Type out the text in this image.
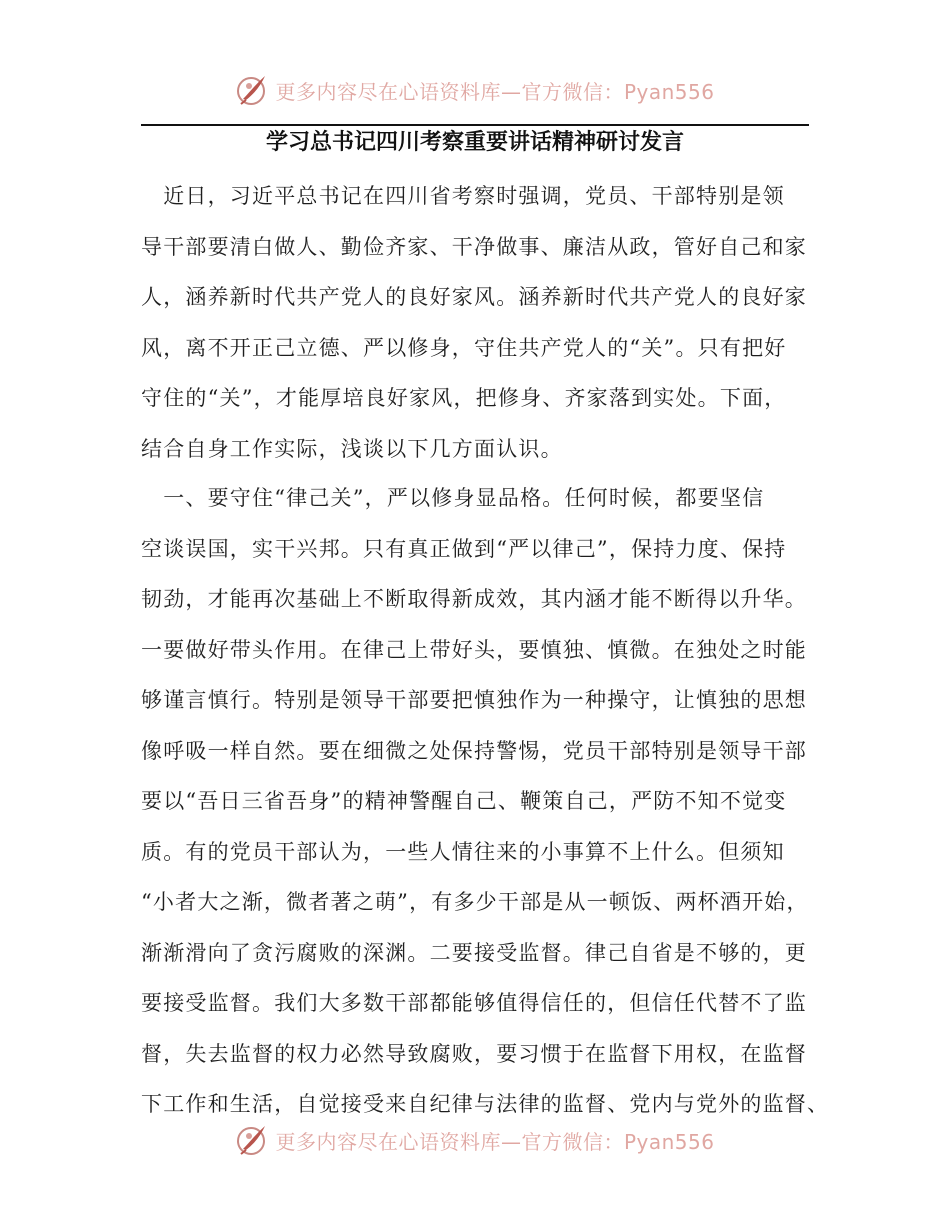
更多内容尽在心语资料库—官方微信：Pyan556
学习总书记四川考察重要讲话精神研讨发言
　近日，习近平总书记在四川省考察时强调，党员、干部特别是领
导干部要清白做人、勤俭齐家、干净做事、廉洁从政，管好自己和家
人，涵养新时代共产党人的良好家风。涵养新时代共产党人的良好家
风，离不开正己立德、严以修身，守住共产党人的“关”。只有把好
守住的“关”，才能厚培良好家风，把修身、齐家落到实处。下面，
结合自身工作实际，浅谈以下几方面认识。
　一、要守住“律己关”，严以修身显品格。任何时候，都要坚信
空谈误国，实干兴邦。只有真正做到“严以律己”，保持力度、保持
韧劲，才能再次基础上不断取得新成效，其内涵才能不断得以升华。
一要做好带头作用。在律己上带好头，要慎独、慎微。在独处之时能
够谨言慎行。特别是领导干部要把慎独作为一种操守，让慎独的思想
像呼吸一样自然。要在细微之处保持警惕，党员干部特别是领导干部
要以“吾日三省吾身”的精神警醒自己、鞭策自己，严防不知不觉变
质。有的党员干部认为，一些人情往来的小事算不上什么。但须知
“小者大之渐，微者著之萌”，有多少干部是从一顿饭、两杯酒开始，
渐渐滑向了贪污腐败的深渊。二要接受监督。律己自省是不够的，更
要接受监督。我们大多数干部都能够值得信任的，但信任代替不了监
督，失去监督的权力必然导致腐败，要习惯于在监督下用权，在监督
下工作和生活，自觉接受来自纪律与法律的监督、党内与党外的监督、
更多内容尽在心语资料库—官方微信：Pyan556
